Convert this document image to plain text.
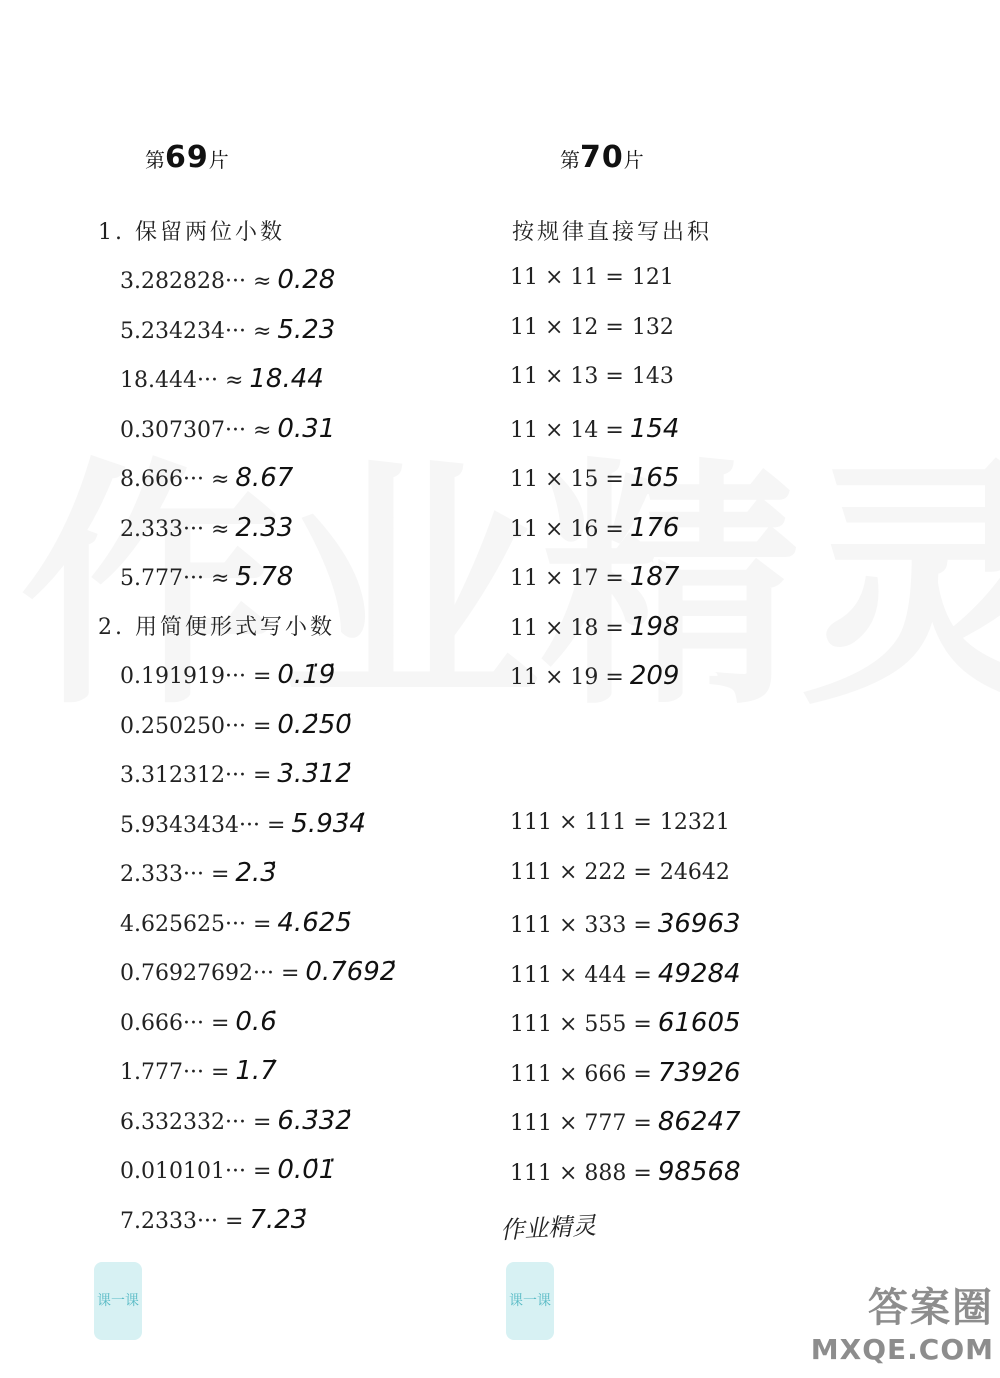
第69片	第70片
1. 保留两位小数
3.282828··· ≈ 0.28
5.234234··· ≈ 5.23
18.444··· ≈ 18.44
0.307307··· ≈ 0.31
8.666··· ≈ 8.67
2.333··· ≈ 2.33
5.777··· ≈ 5.78
2. 用简便形式写小数
0.191919··· = 0.1̇9̇
0.250250··· = 0.2̇50̇
3.312312··· = 3.3̇12̇
5.9343434··· = 5.93̇4̇
2.333··· = 2.3̇
4.625625··· = 4.6̇25̇
0.76927692··· = 0.7̇692̇
0.666··· = 0.6̇
1.777··· = 1.7̇
6.332332··· = 6.3̇32̇
0.010101··· = 0.0̇1̇
7.2333··· = 7.23̇
按规律直接写出积
11 × 11 = 121
11 × 12 = 132
11 × 13 = 143
11 × 14 = 154
11 × 15 = 165
11 × 16 = 176
11 × 17 = 187
11 × 18 = 198
11 × 19 = 209
111 × 111 = 12321
111 × 222 = 24642
111 × 333 = 36963
111 × 444 = 49284
111 × 555 = 61605
111 × 666 = 73926
111 × 777 = 86247
111 × 888 = 98568
作业精灵
课一课	课一课	答案圈
MXQE.COM
